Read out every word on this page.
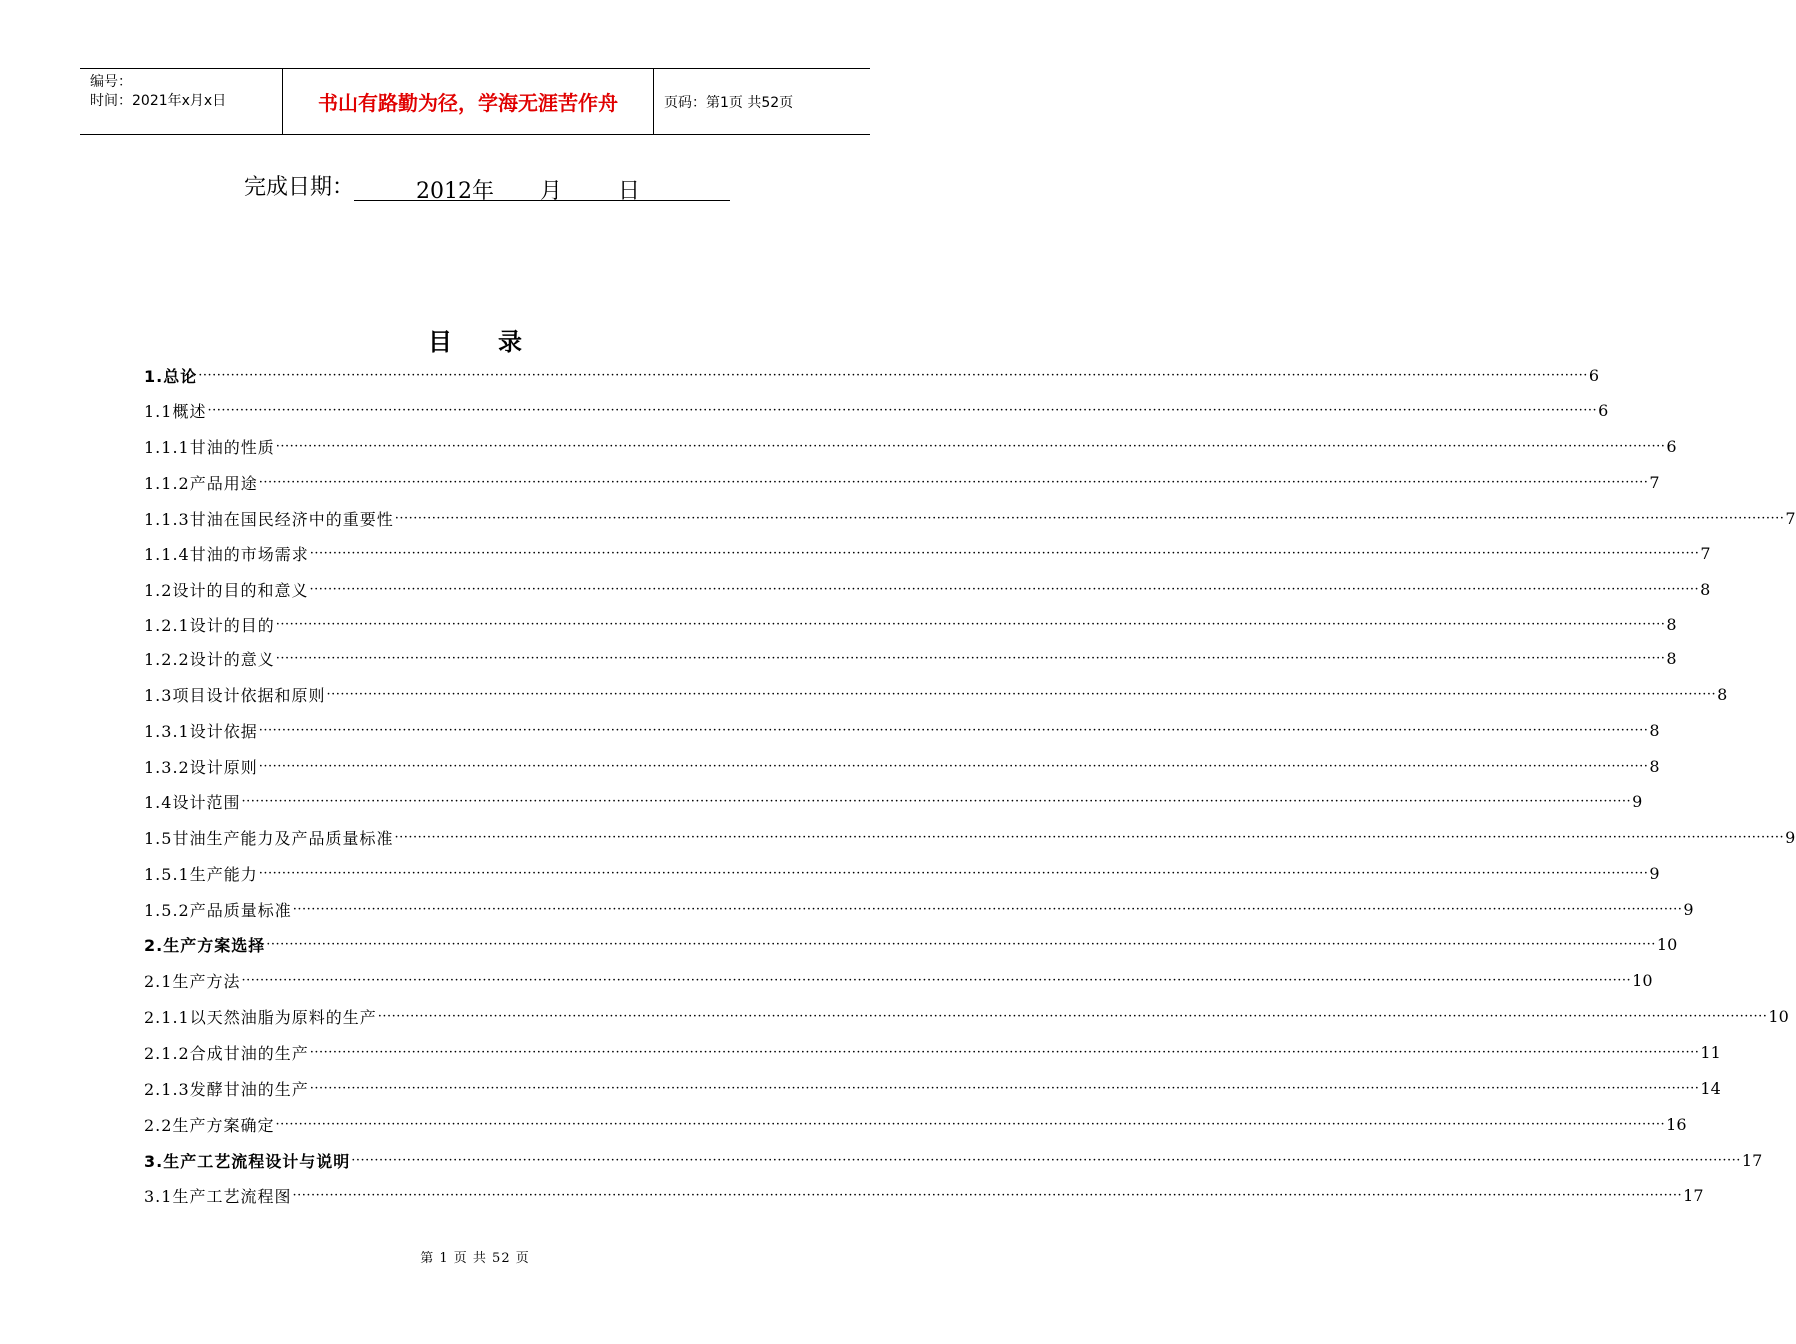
编号：
时间：2021年x月x日	书山有路勤为径，学海无涯苦作舟	页码：第1页 共52页
完成日期：	2012年 月	日
目录
1.总论 ············································································································································································································································································································ 6
1.1概述 ············································································································································································································································································································ 6
1.1.1甘油的性质 ············································································································································································································································································································ 6
1.1.2产品用途 ············································································································································································································································································································ 7
1.1.3甘油在国民经济中的重要性 ············································································································································································································································································································ 7
1.1.4甘油的市场需求 ············································································································································································································································································································ 7
1.2设计的目的和意义 ············································································································································································································································································································ 8
1.2.1设计的目的 ············································································································································································································································································································ 8
1.2.2设计的意义 ············································································································································································································································································································ 8
1.3项目设计依据和原则 ············································································································································································································································································································ 8
1.3.1设计依据 ············································································································································································································································································································ 8
1.3.2设计原则 ············································································································································································································································································································ 8
1.4设计范围 ············································································································································································································································································································ 9
1.5甘油生产能力及产品质量标准 ············································································································································································································································································································ 9
1.5.1生产能力 ············································································································································································································································································································ 9
1.5.2产品质量标准 ············································································································································································································································································································ 9
2.生产方案选择 ············································································································································································································································································································ 10
2.1生产方法 ············································································································································································································································································································ 10
2.1.1以天然油脂为原料的生产 ············································································································································································································································································································ 10
2.1.2合成甘油的生产 ············································································································································································································································································································ 11
2.1.3发酵甘油的生产 ············································································································································································································································································································ 14
2.2生产方案确定 ············································································································································································································································································································ 16
3.生产工艺流程设计与说明 ············································································································································································································································································································ 17
3.1生产工艺流程图 ············································································································································································································································································································ 17
第 1 页 共 52 页
